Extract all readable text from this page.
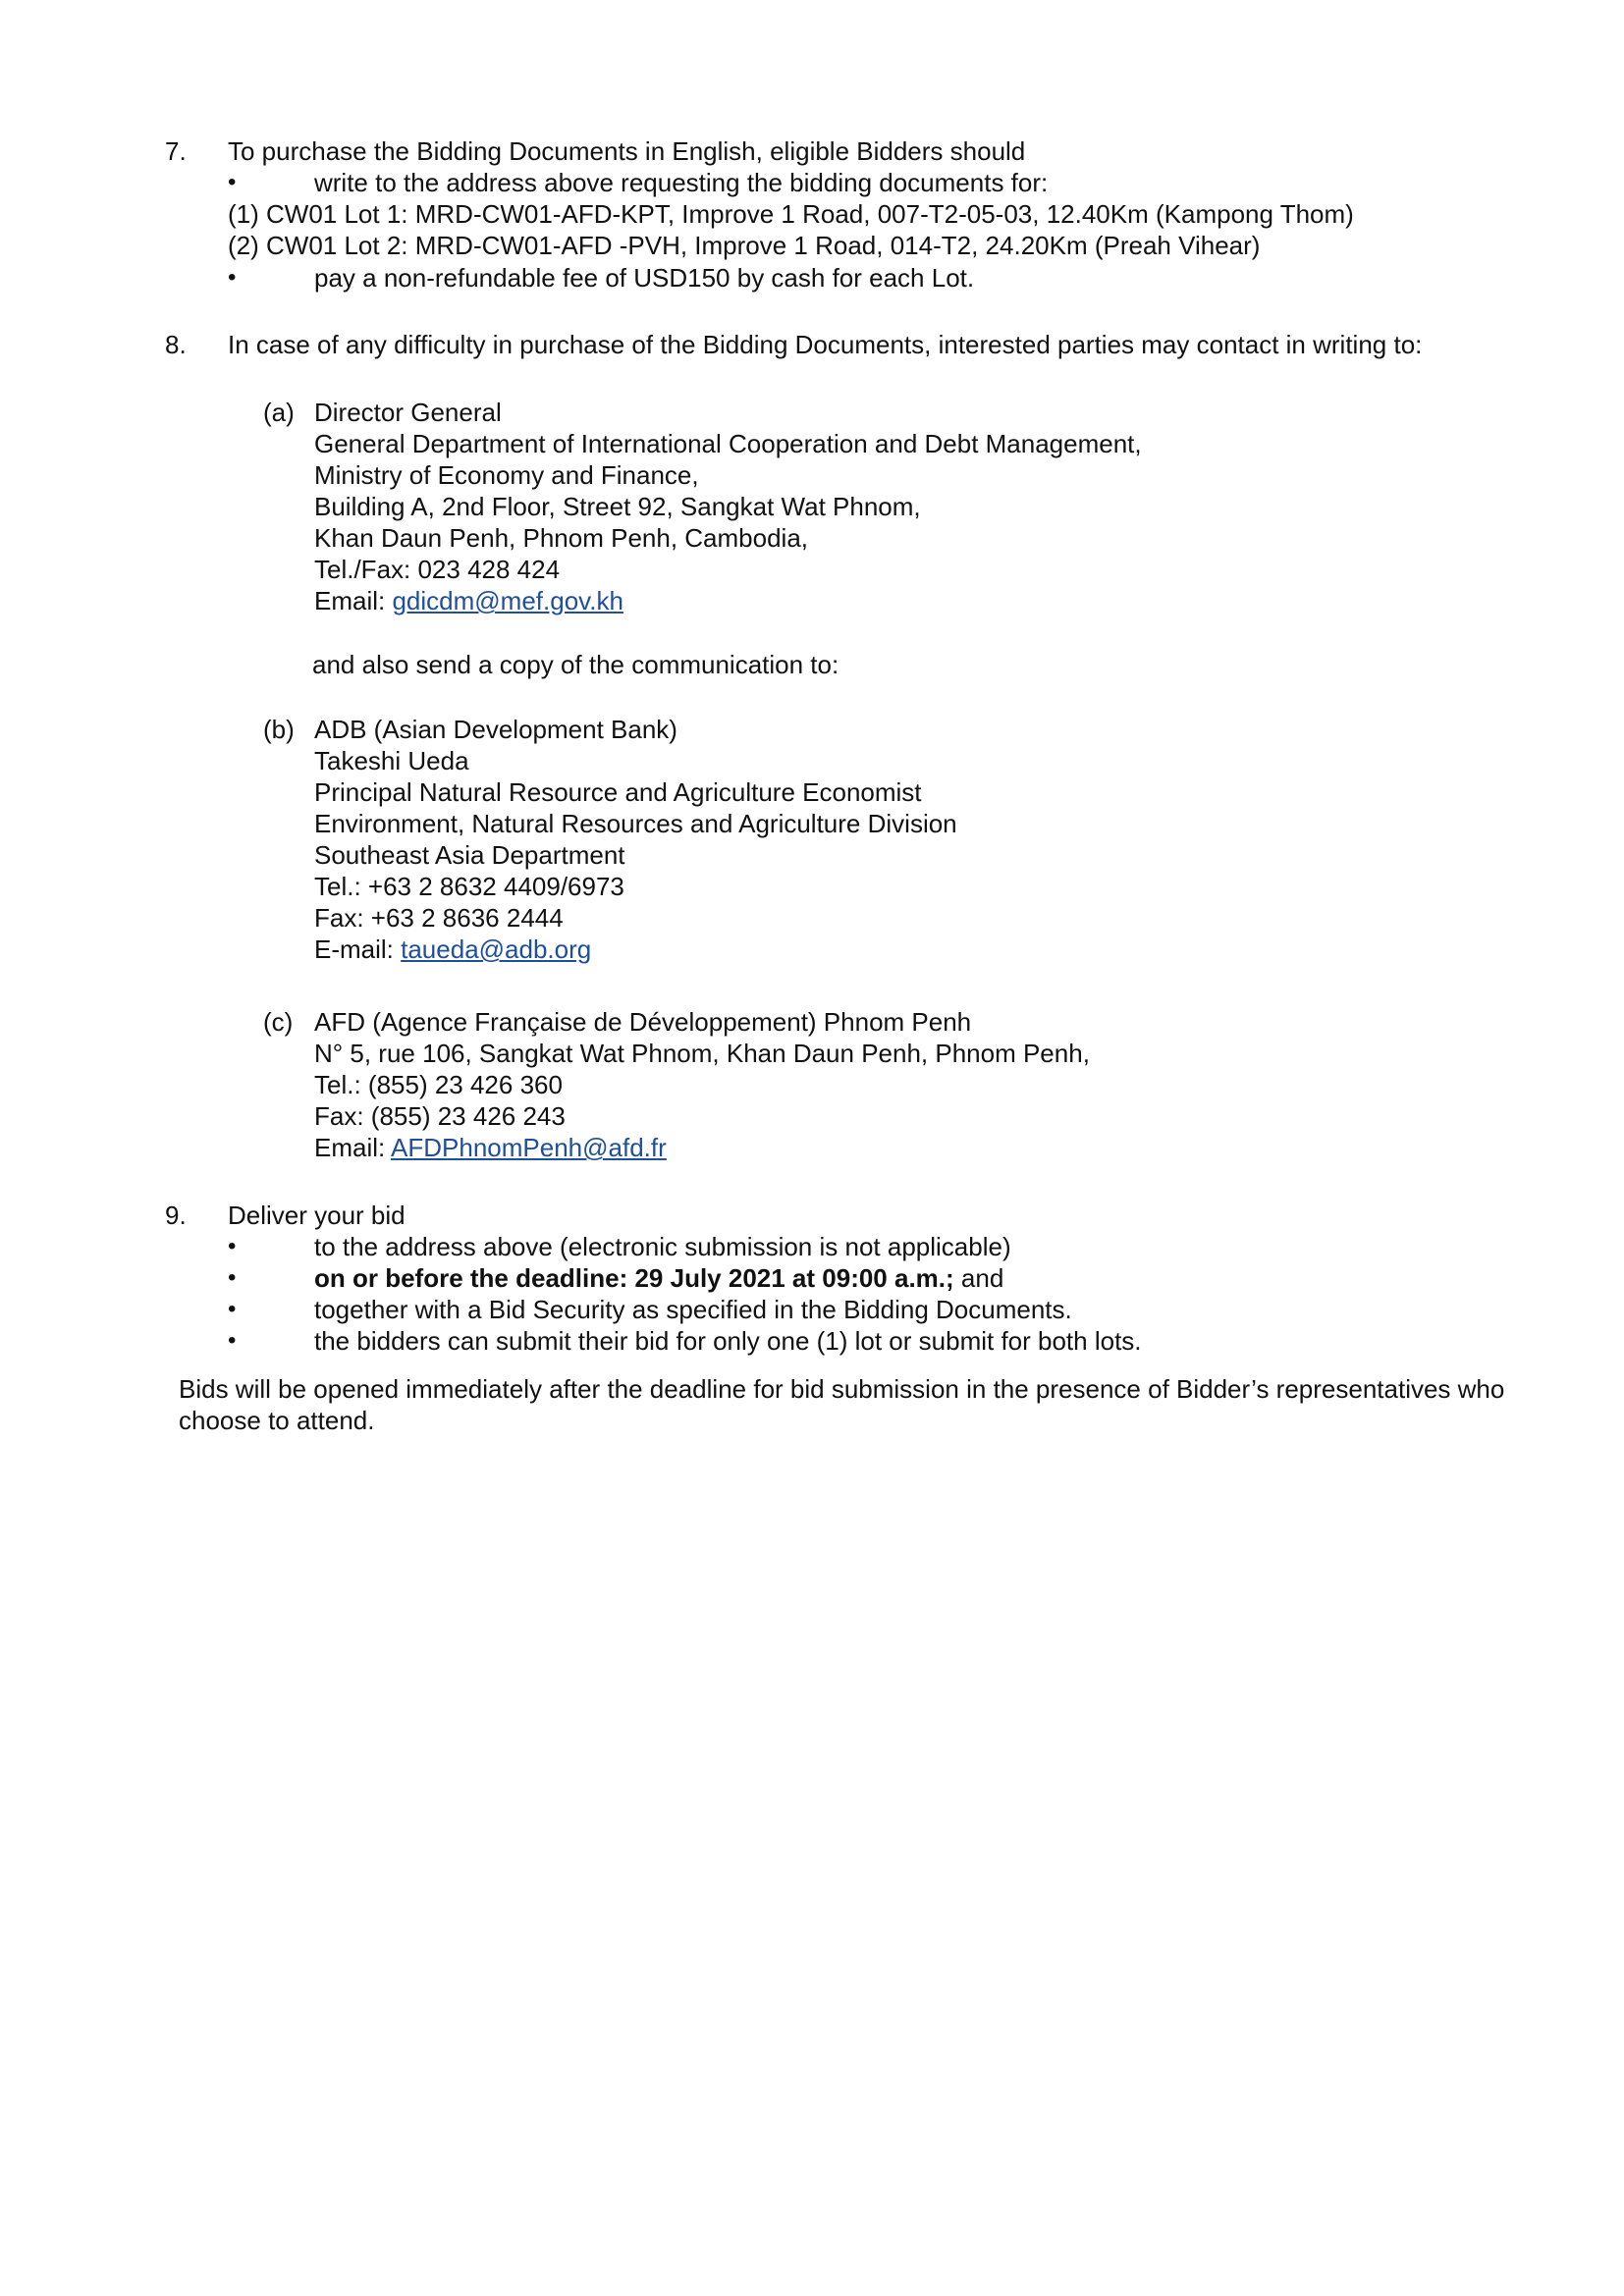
7. To purchase the Bidding Documents in English, eligible Bidders should
•	write to the address above requesting the bidding documents for:
(1) CW01 Lot 1: MRD-CW01-AFD-KPT, Improve 1 Road, 007-T2-05-03, 12.40Km (Kampong Thom)
(2) CW01 Lot 2: MRD-CW01-AFD -PVH, Improve 1 Road, 014-T2, 24.20Km (Preah Vihear)
•	pay a non-refundable fee of USD150 by cash for each Lot.
8. In case of any difficulty in purchase of the Bidding Documents, interested parties may contact in writing to:
(a) Director General
General Department of International Cooperation and Debt Management,
Ministry of Economy and Finance,
Building A, 2nd Floor, Street 92, Sangkat Wat Phnom,
Khan Daun Penh, Phnom Penh, Cambodia,
Tel./Fax: 023 428 424
Email: gdicdm@mef.gov.kh
and also send a copy of the communication to:
(b) ADB (Asian Development Bank)
Takeshi Ueda
Principal Natural Resource and Agriculture Economist
Environment, Natural Resources and Agriculture Division
Southeast Asia Department
Tel.: +63 2 8632 4409/6973
Fax: +63 2 8636 2444
E-mail: taueda@adb.org
(c) AFD (Agence Française de Développement) Phnom Penh
N° 5, rue 106, Sangkat Wat Phnom, Khan Daun Penh, Phnom Penh,
Tel.: (855) 23 426 360
Fax: (855) 23 426 243
Email: AFDPhnomPenh@afd.fr
9. Deliver your bid
•	to the address above (electronic submission is not applicable)
•	on or before the deadline: 29 July 2021 at 09:00 a.m.; and
•	together with a Bid Security as specified in the Bidding Documents.
•	the bidders can submit their bid for only one (1) lot or submit for both lots.

Bids will be opened immediately after the deadline for bid submission in the presence of Bidder’s representatives who choose to attend.
